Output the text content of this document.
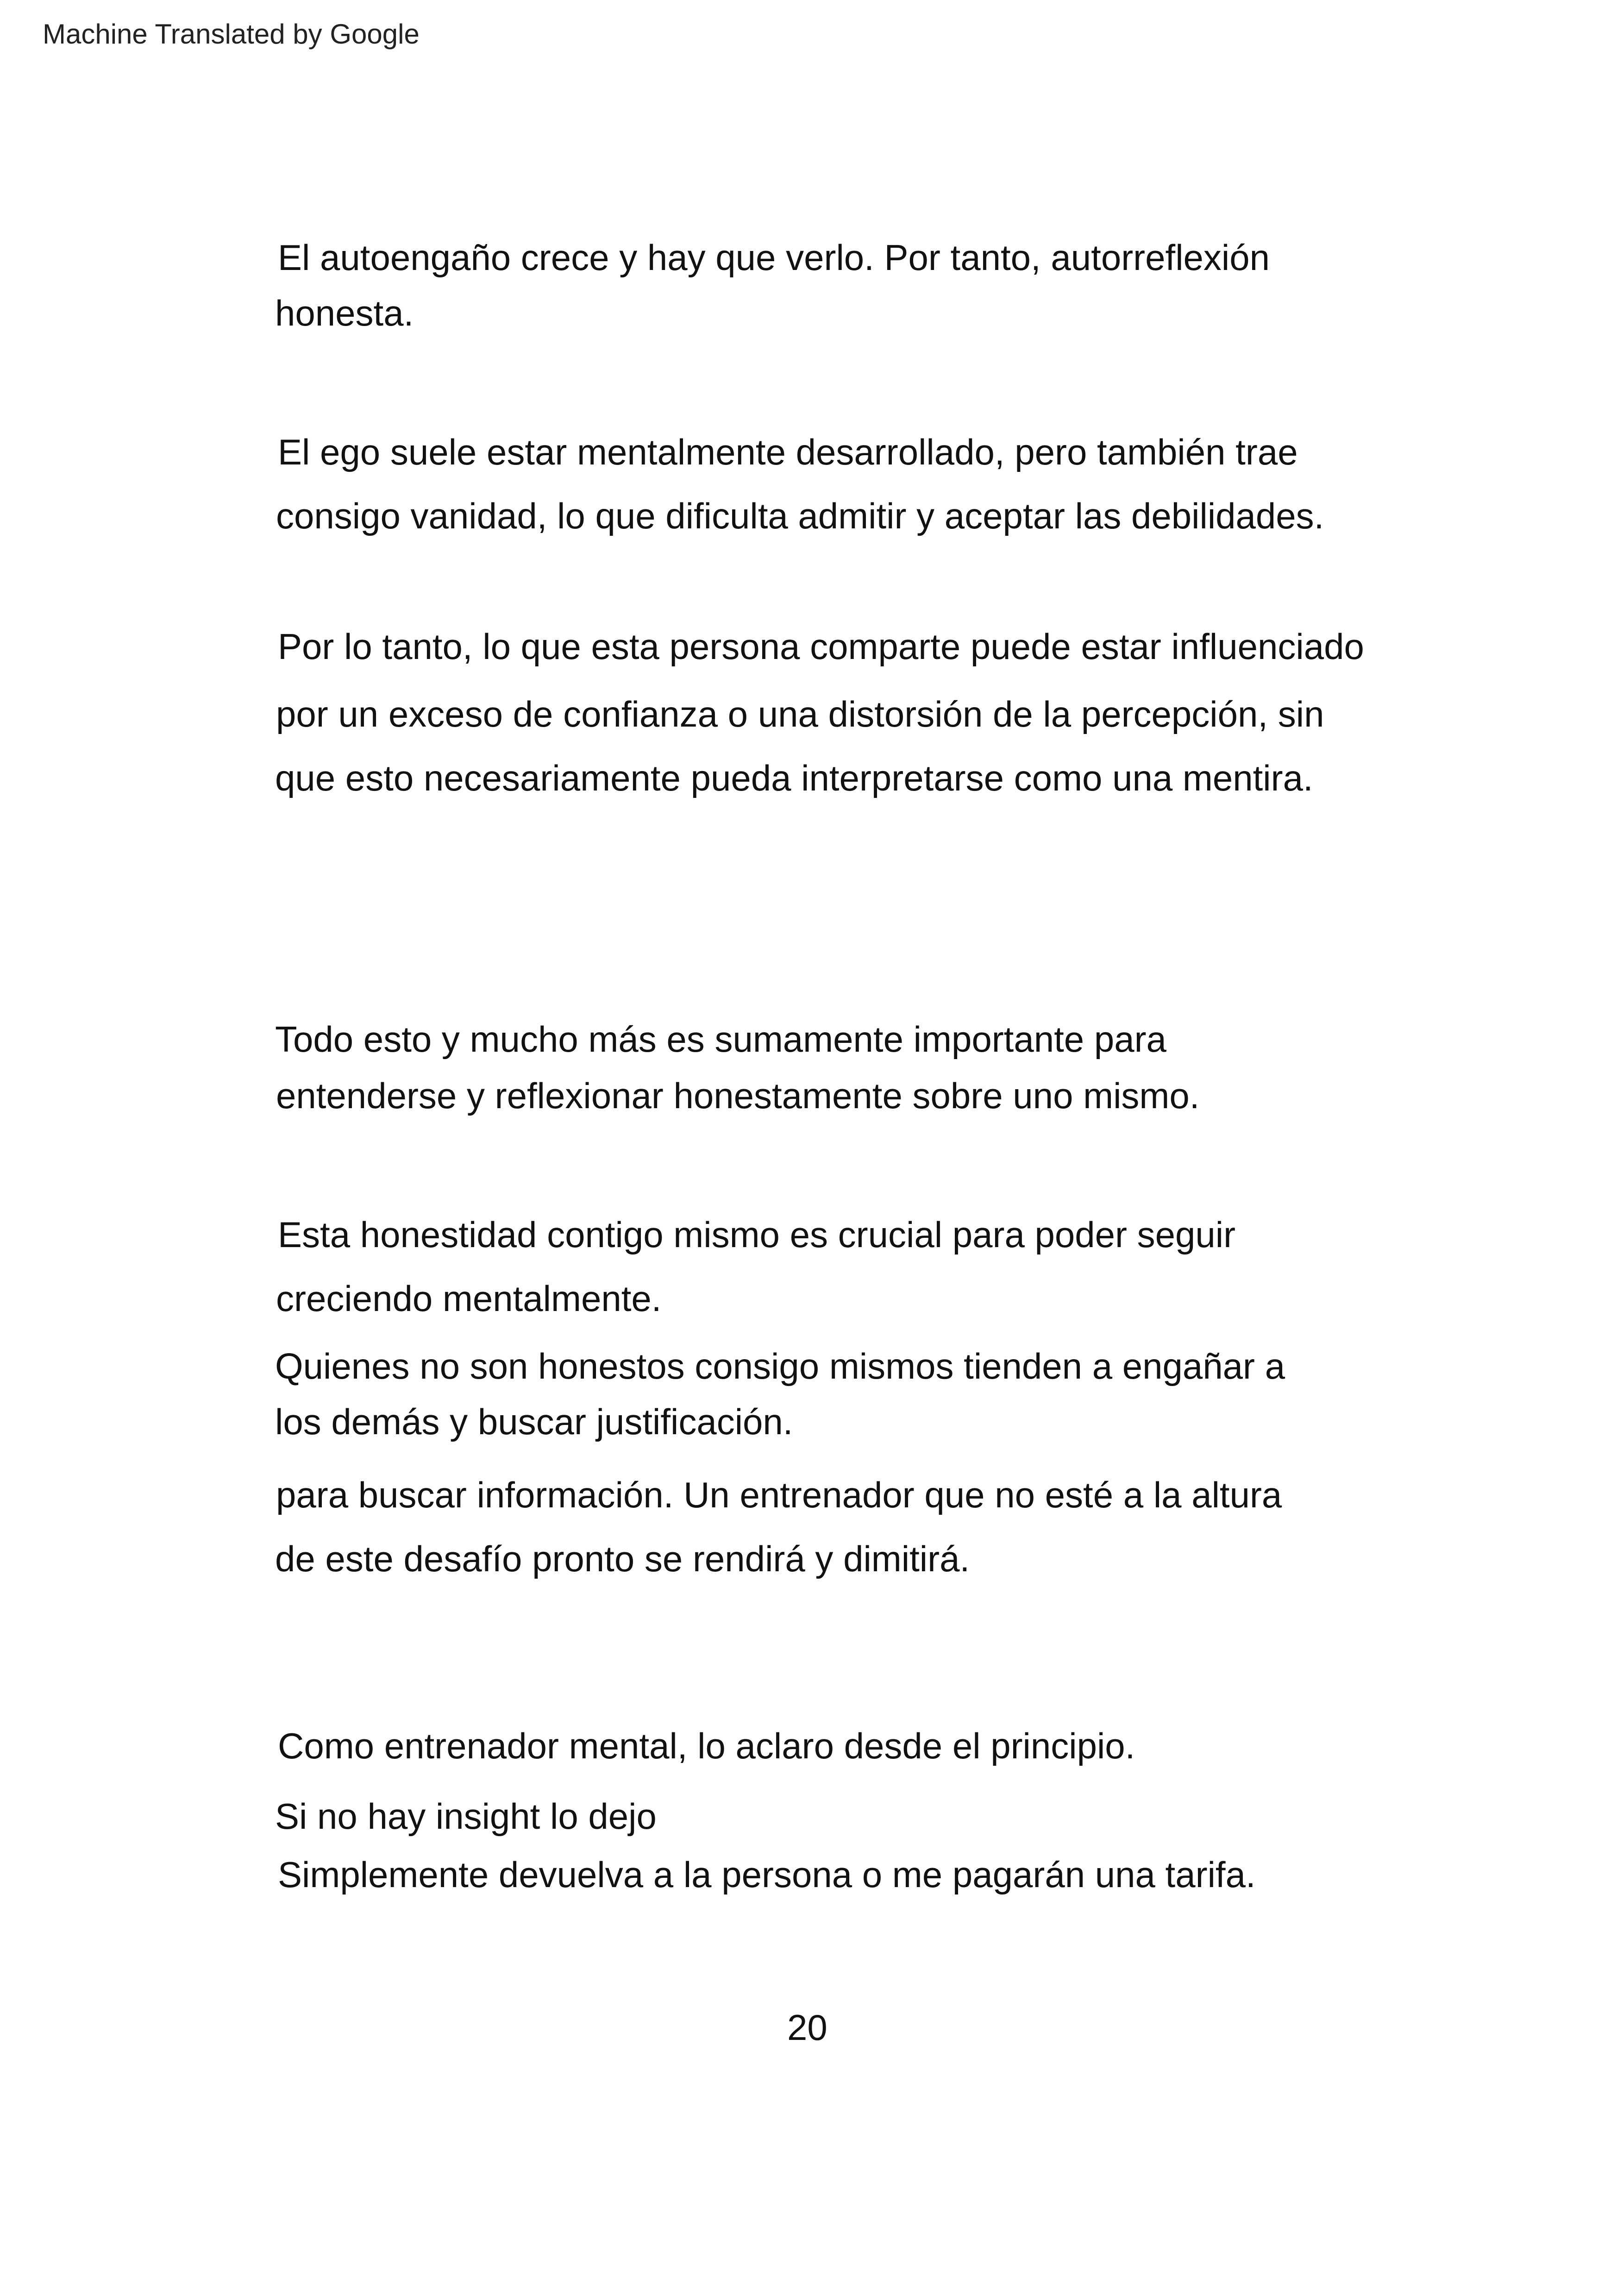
Machine Translated by Google
El autoengaño crece y hay que verlo. Por tanto, autorreflexión
honesta.
El ego suele estar mentalmente desarrollado, pero también trae
consigo vanidad, lo que dificulta admitir y aceptar las debilidades.
Por lo tanto, lo que esta persona comparte puede estar influenciado
por un exceso de confianza o una distorsión de la percepción, sin
que esto necesariamente pueda interpretarse como una mentira.
Todo esto y mucho más es sumamente importante para
entenderse y reflexionar honestamente sobre uno mismo.
Esta honestidad contigo mismo es crucial para poder seguir
creciendo mentalmente.
Quienes no son honestos consigo mismos tienden a engañar a
los demás y buscar justificación.
para buscar información. Un entrenador que no esté a la altura
de este desafío pronto se rendirá y dimitirá.
Como entrenador mental, lo aclaro desde el principio.
Si no hay insight lo dejo
Simplemente devuelva a la persona o me pagarán una tarifa.
20
